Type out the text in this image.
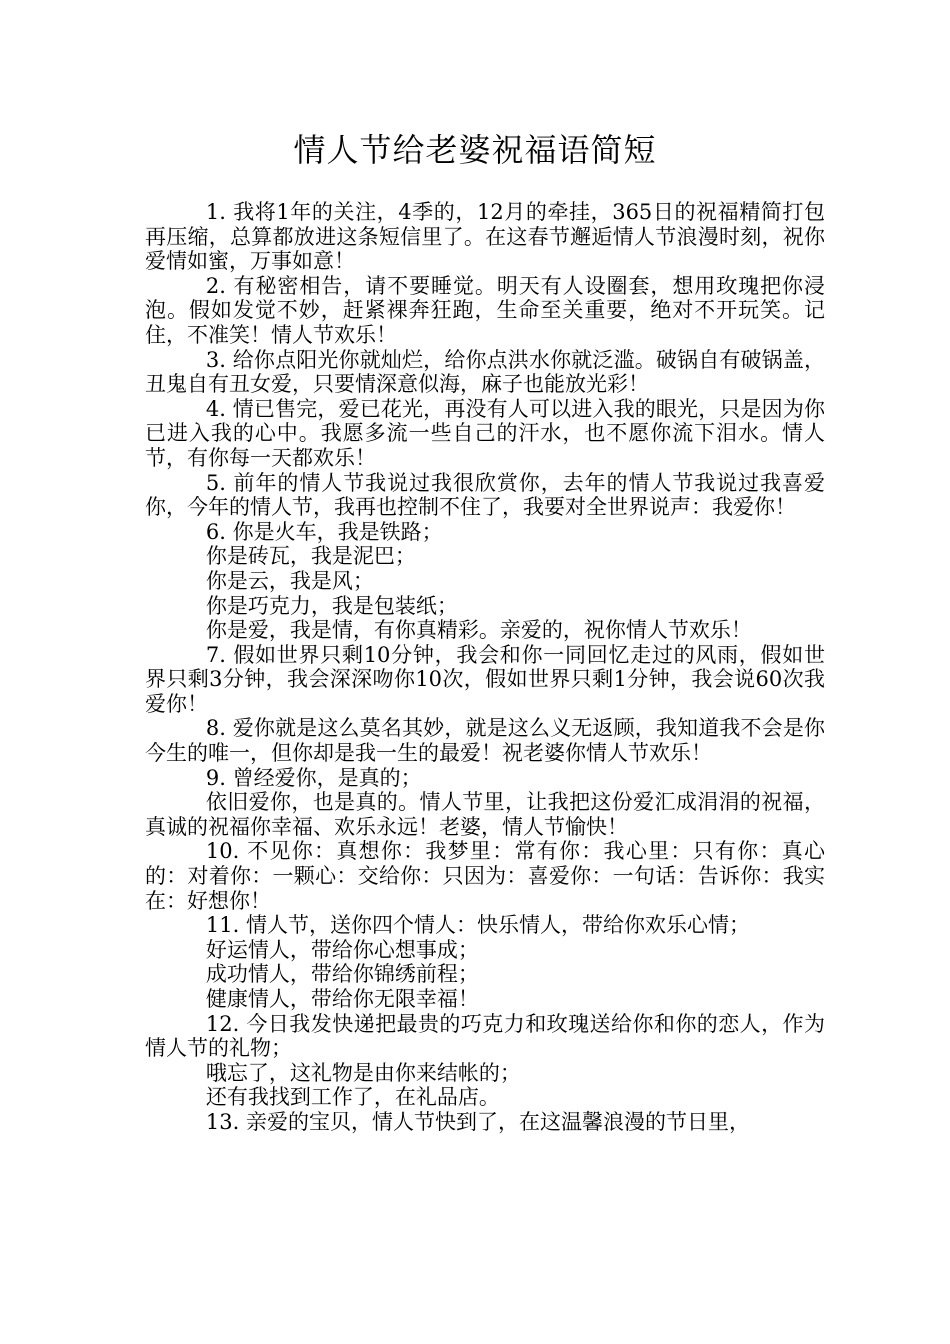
情人节给老婆祝福语简短

1. 我将1年的关注，4季的，12月的牵挂，365日的祝福精简打包再压缩，总算都放进这条短信里了。在这春节邂逅情人节浪漫时刻，祝你爱情如蜜，万事如意！

2. 有秘密相告，请不要睡觉。明天有人设圈套，想用玫瑰把你浸泡。假如发觉不妙，赶紧裸奔狂跑，生命至关重要，绝对不开玩笑。记住，不准笑！情人节欢乐！

3. 给你点阳光你就灿烂，给你点洪水你就泛滥。破锅自有破锅盖，丑鬼自有丑女爱，只要情深意似海，麻子也能放光彩！

4. 情已售完，爱已花光，再没有人可以进入我的眼光，只是因为你已进入我的心中。我愿多流一些自己的汗水，也不愿你流下泪水。情人节，有你每一天都欢乐！

5. 前年的情人节我说过我很欣赏你，去年的情人节我说过我喜爱你，今年的情人节，我再也控制不住了，我要对全世界说声：我爱你！

6. 你是火车，我是铁路；

你是砖瓦，我是泥巴；

你是云，我是风；

你是巧克力，我是包装纸；

你是爱，我是情，有你真精彩。亲爱的，祝你情人节欢乐！

7. 假如世界只剩10分钟，我会和你一同回忆走过的风雨，假如世界只剩3分钟，我会深深吻你10次，假如世界只剩1分钟，我会说60次我爱你！

8. 爱你就是这么莫名其妙，就是这么义无返顾，我知道我不会是你今生的唯一，但你却是我一生的最爱！祝老婆你情人节欢乐！

9. 曾经爱你，是真的；

依旧爱你，也是真的。情人节里，让我把这份爱汇成涓涓的祝福，真诚的祝福你幸福、欢乐永远！老婆，情人节愉快！

10. 不见你：真想你：我梦里：常有你：我心里：只有你：真心的：对着你：一颗心：交给你：只因为：喜爱你：一句话：告诉你：我实在：好想你！

11. 情人节，送你四个情人：快乐情人，带给你欢乐心情；

好运情人，带给你心想事成；

成功情人，带给你锦绣前程；

健康情人，带给你无限幸福！

12. 今日我发快递把最贵的巧克力和玫瑰送给你和你的恋人，作为情人节的礼物；

哦忘了，这礼物是由你来结帐的；

还有我找到工作了，在礼品店。

13. 亲爱的宝贝，情人节快到了，在这温馨浪漫的节日里，
